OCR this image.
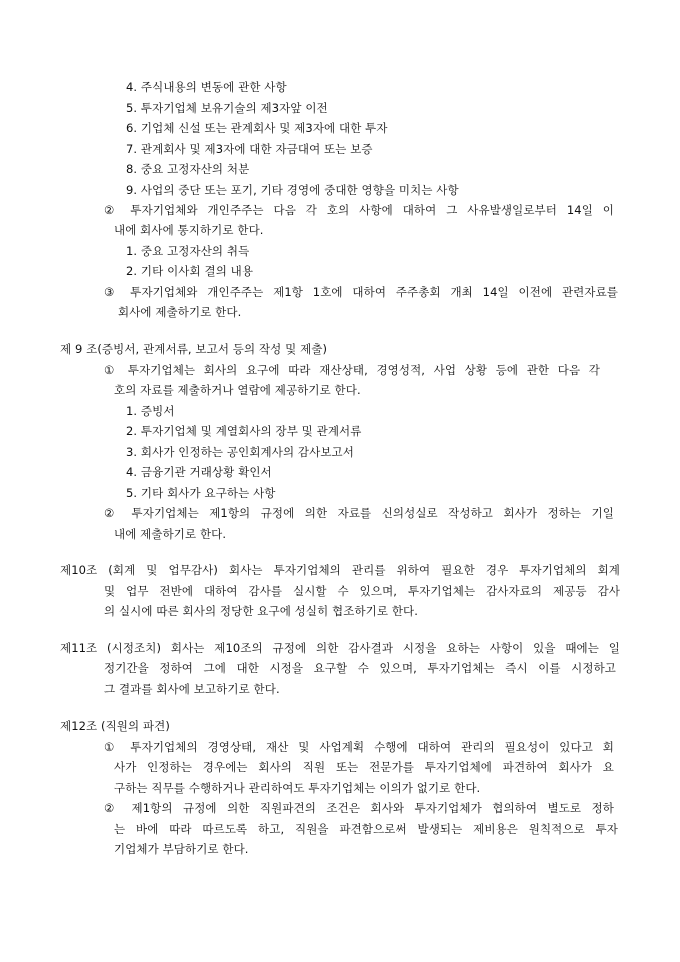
4. 주식내용의 변동에 관한 사항
5. 투자기업체 보유기술의 제3자앞 이전
6. 기업체 신설 또는 관계회사 및 제3자에 대한 투자
7. 관계회사 및 제3자에 대한 자금대여 또는 보증
8. 중요 고정자산의 처분
9. 사업의 중단 또는 포기, 기타 경영에 중대한 영향을 미치는 사항
② 투자기업체와 개인주주는 다음 각 호의 사항에 대하여 그 사유발생일로부터 14일 이
내에 회사에 통지하기로 한다.
1. 중요 고정자산의 취득
2. 기타 이사회 결의 내용
③ 투자기업체와 개인주주는 제1항 1호에 대하여 주주총회 개최 14일 이전에 관련자료를
회사에 제출하기로 한다.
제 9 조(증빙서, 관계서류, 보고서 등의 작성 및 제출)
① 투자기업체는 회사의 요구에 따라 재산상태, 경영성적, 사업 상황 등에 관한 다음 각
호의 자료를 제출하거나 열람에 제공하기로 한다.
1. 증빙서
2. 투자기업체 및 계열회사의 장부 및 관계서류
3. 회사가 인정하는 공인회계사의 감사보고서
4. 금융기관 거래상황 확인서
5. 기타 회사가 요구하는 사항
② 투자기업체는 제1항의 규정에 의한 자료를 신의성실로 작성하고 회사가 정하는 기일
내에 제출하기로 한다.
제10조 (회계 및 업무감사) 회사는 투자기업체의 관리를 위하여 필요한 경우 투자기업체의 회계
및 업무 전반에 대하여 감사를 실시할 수 있으며, 투자기업체는 감사자료의 제공등 감사
의 실시에 따른 회사의 정당한 요구에 성실히 협조하기로 한다.
제11조 (시정조치) 회사는 제10조의 규정에 의한 감사결과 시정을 요하는 사항이 있을 때에는 일
정기간을 정하여 그에 대한 시정을 요구할 수 있으며, 투자기업체는 즉시 이를 시정하고
그 결과를 회사에 보고하기로 한다.
제12조 (직원의 파견)
① 투자기업체의 경영상태, 재산 및 사업계획 수행에 대하여 관리의 필요성이 있다고 회
사가 인정하는 경우에는 회사의 직원 또는 전문가를 투자기업체에 파견하여 회사가 요
구하는 직무를 수행하거나 관리하여도 투자기업체는 이의가 없기로 한다.
② 제1항의 규정에 의한 직원파견의 조건은 회사와 투자기업체가 협의하여 별도로 정하
는 바에 따라 따르도록 하고, 직원을 파견함으로써 발생되는 제비용은 원칙적으로 투자
기업체가 부담하기로 한다.
